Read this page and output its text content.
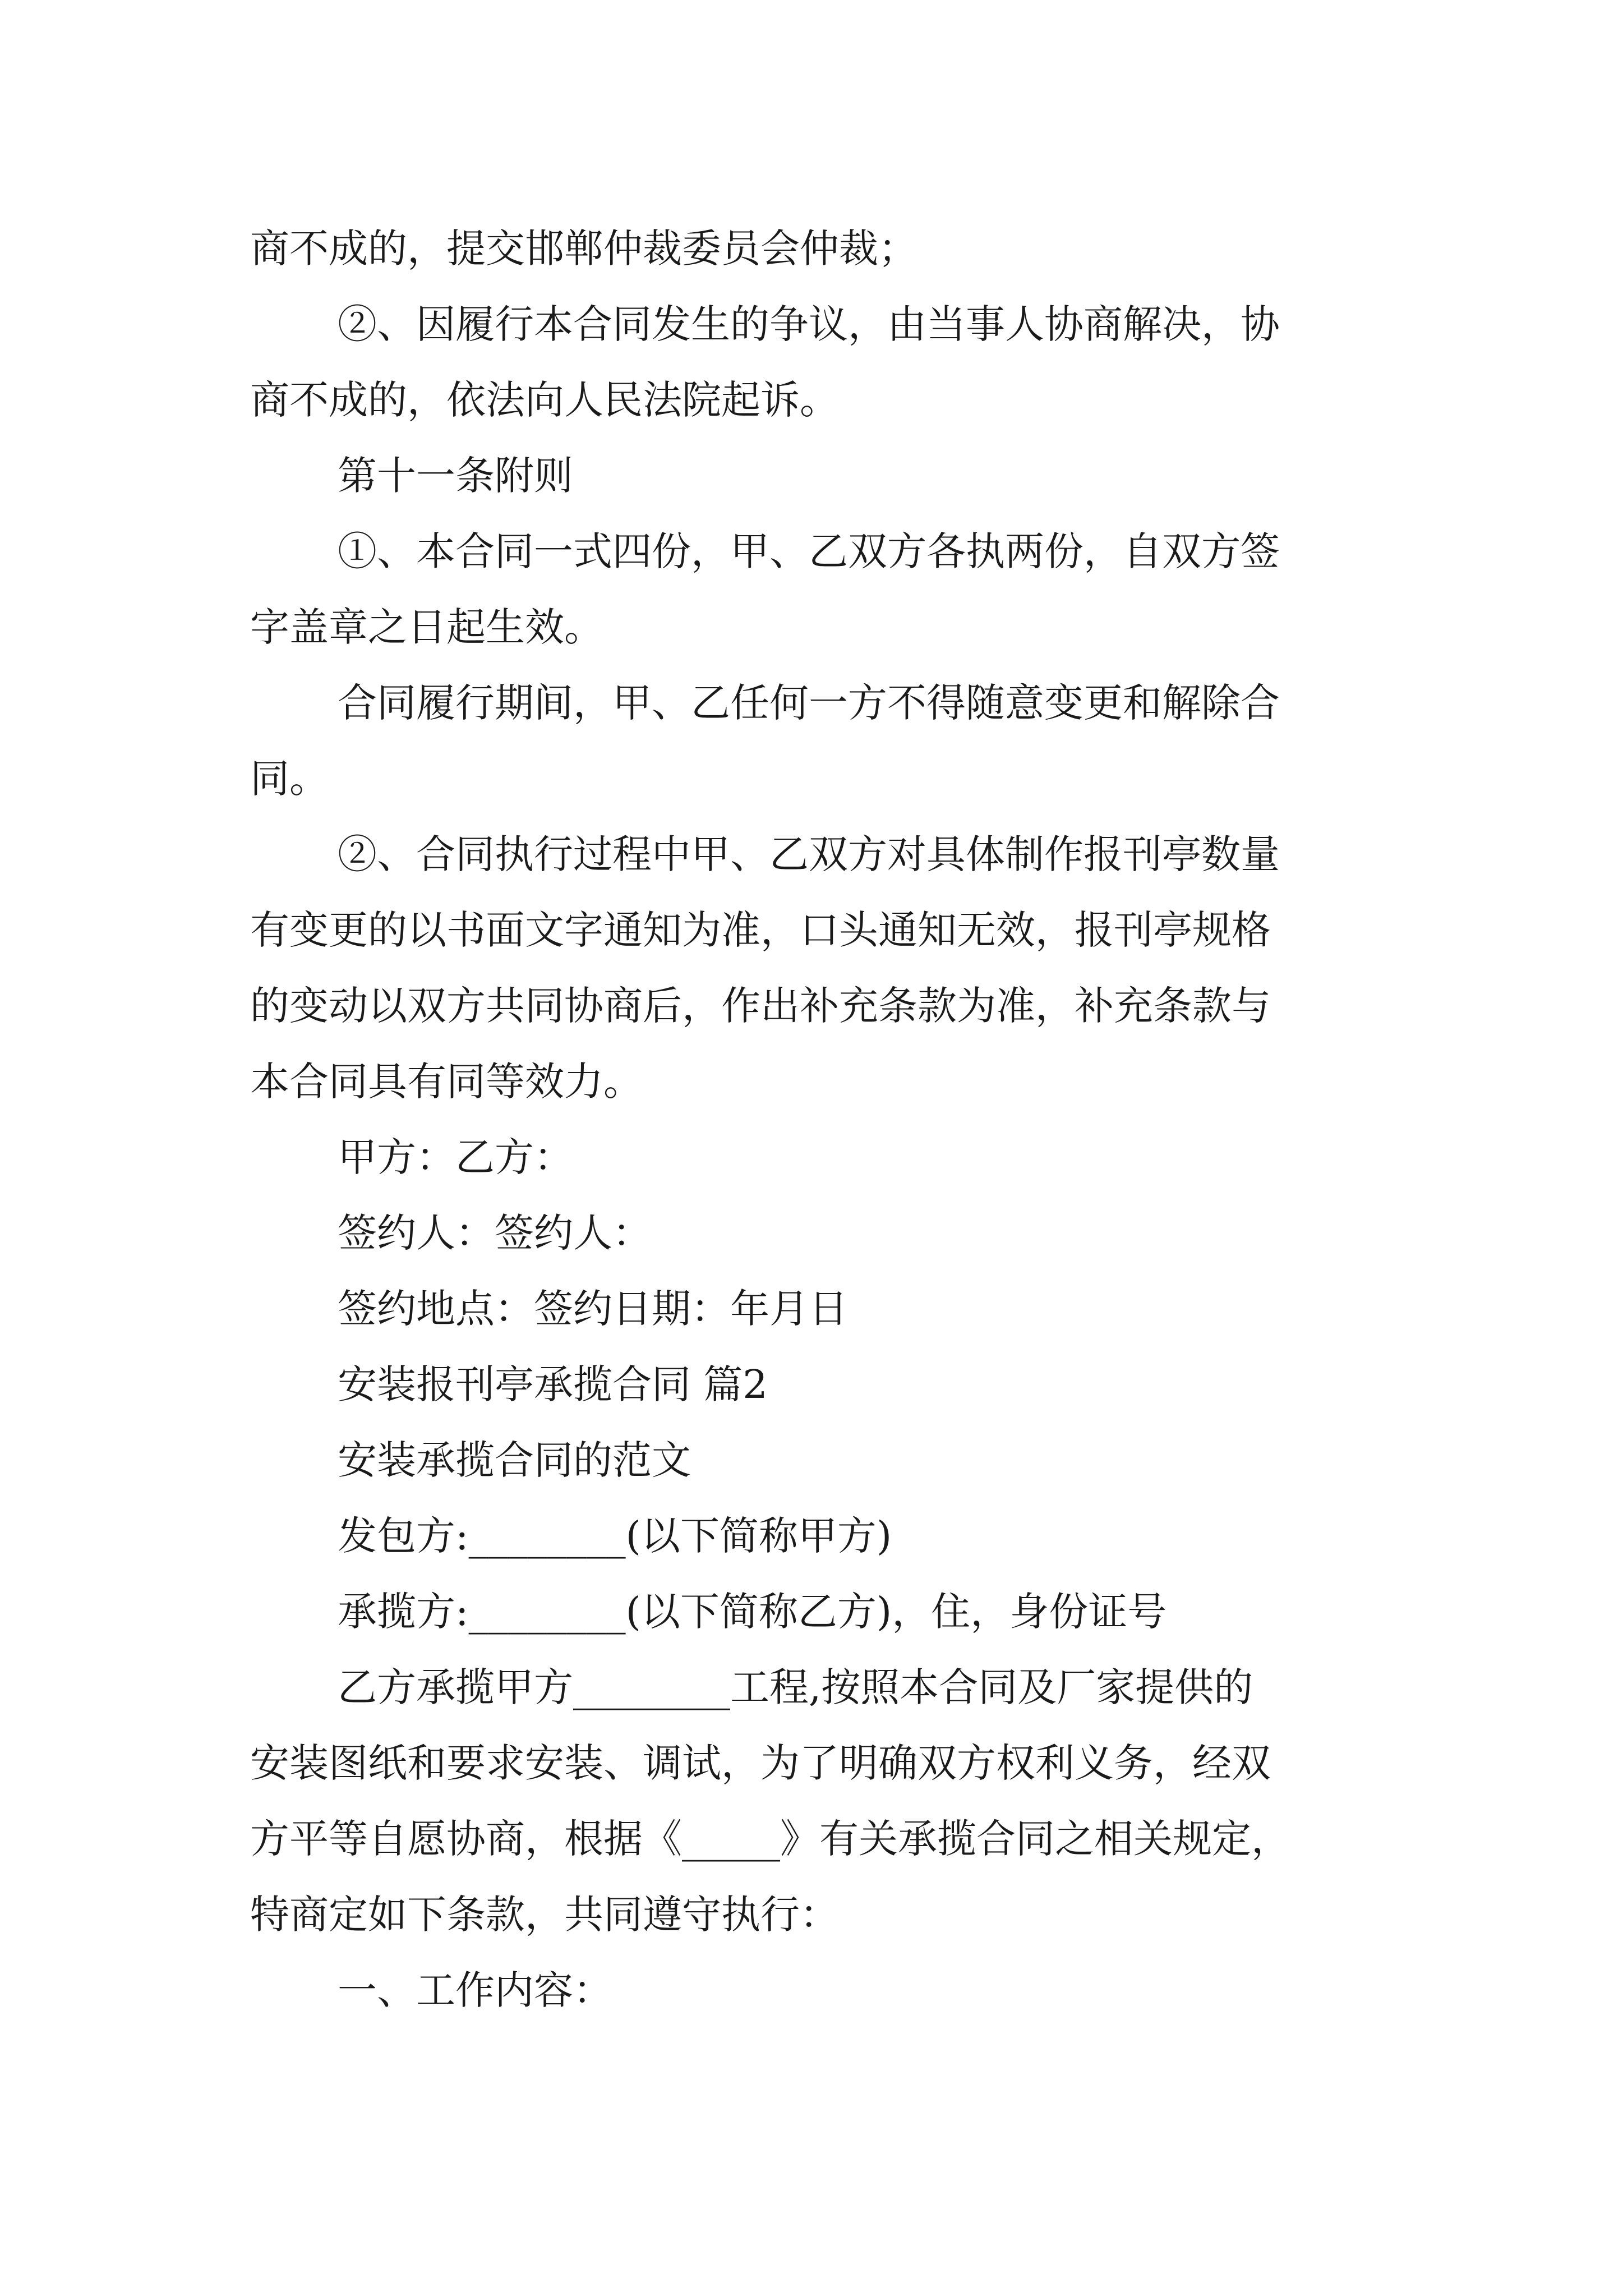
商不成的，提交邯郸仲裁委员会仲裁；
②、因履行本合同发生的争议，由当事人协商解决，协
商不成的，依法向人民法院起诉。
第十一条附则
①、本合同一式四份，甲、乙双方各执两份，自双方签
字盖章之日起生效。
合同履行期间，甲、乙任何一方不得随意变更和解除合
同。
②、合同执行过程中甲、乙双方对具体制作报刊亭数量
有变更的以书面文字通知为准，口头通知无效，报刊亭规格
的变动以双方共同协商后，作出补充条款为准，补充条款与
本合同具有同等效力。
甲方：乙方：
签约人：签约人：
签约地点：签约日期：年月日
安装报刊亭承揽合同 篇2
安装承揽合同的范文
发包方:________(以下简称甲方)
承揽方:________(以下简称乙方)，住，身份证号
乙方承揽甲方________工程,按照本合同及厂家提供的
安装图纸和要求安装、调试，为了明确双方权利义务，经双
方平等自愿协商，根据《_____》有关承揽合同之相关规定，
特商定如下条款，共同遵守执行：
一、工作内容：
